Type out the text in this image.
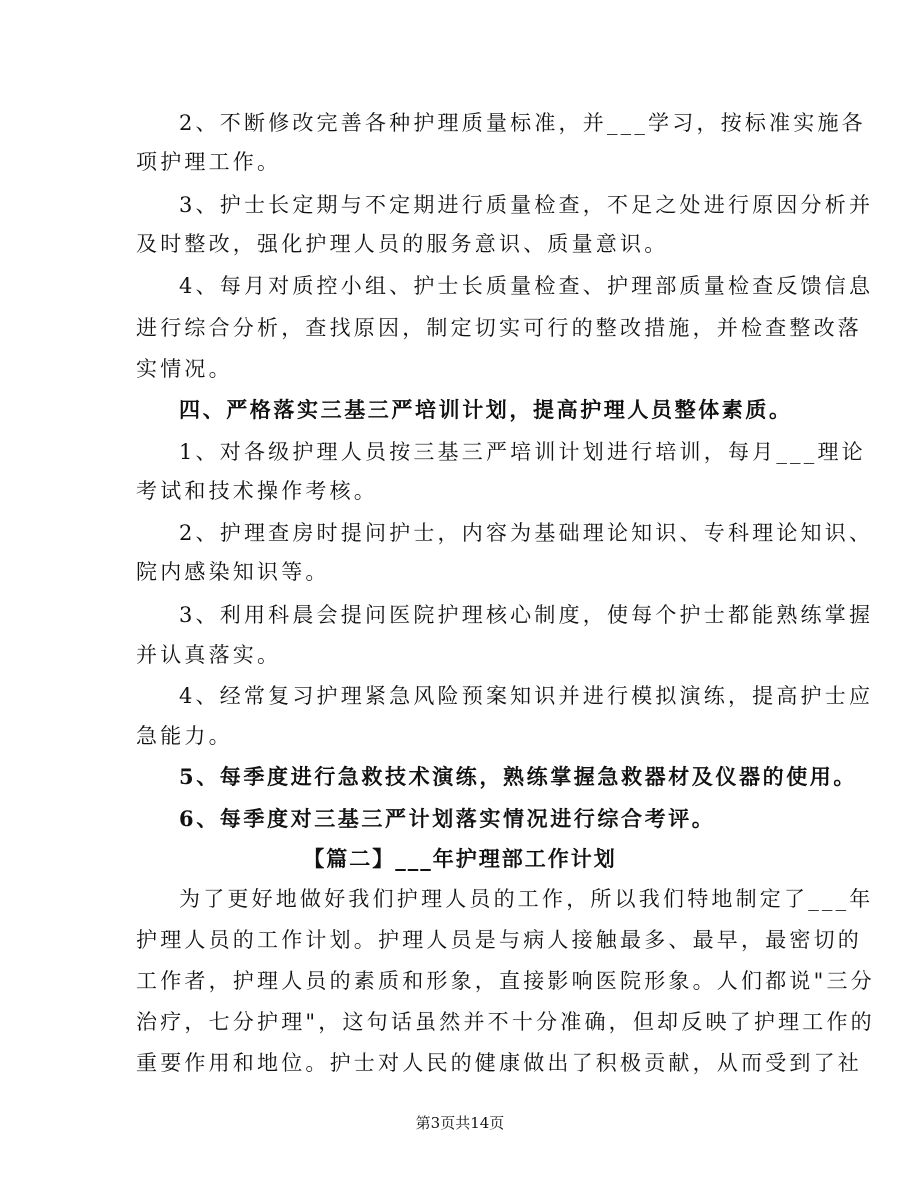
2、不断修改完善各种护理质量标准，并___学习，按标准实施各
项护理工作。
3、护士长定期与不定期进行质量检查，不足之处进行原因分析并
及时整改，强化护理人员的服务意识、质量意识。
4、每月对质控小组、护士长质量检查、护理部质量检查反馈信息
进行综合分析，查找原因，制定切实可行的整改措施，并检查整改落
实情况。
四、严格落实三基三严培训计划，提高护理人员整体素质。
1、对各级护理人员按三基三严培训计划进行培训，每月___理论
考试和技术操作考核。
2、护理查房时提问护士，内容为基础理论知识、专科理论知识、
院内感染知识等。
3、利用科晨会提问医院护理核心制度，使每个护士都能熟练掌握
并认真落实。
4、经常复习护理紧急风险预案知识并进行模拟演练，提高护士应
急能力。
5、每季度进行急救技术演练，熟练掌握急救器材及仪器的使用。
6、每季度对三基三严计划落实情况进行综合考评。
【篇二】___年护理部工作计划
为了更好地做好我们护理人员的工作，所以我们特地制定了___年
护理人员的工作计划。护理人员是与病人接触最多、最早，最密切的
工作者，护理人员的素质和形象，直接影响医院形象。人们都说"三分
治疗，七分护理"，这句话虽然并不十分准确，但却反映了护理工作的
重要作用和地位。护士对人民的健康做出了积极贡献，从而受到了社
第3页共14页
